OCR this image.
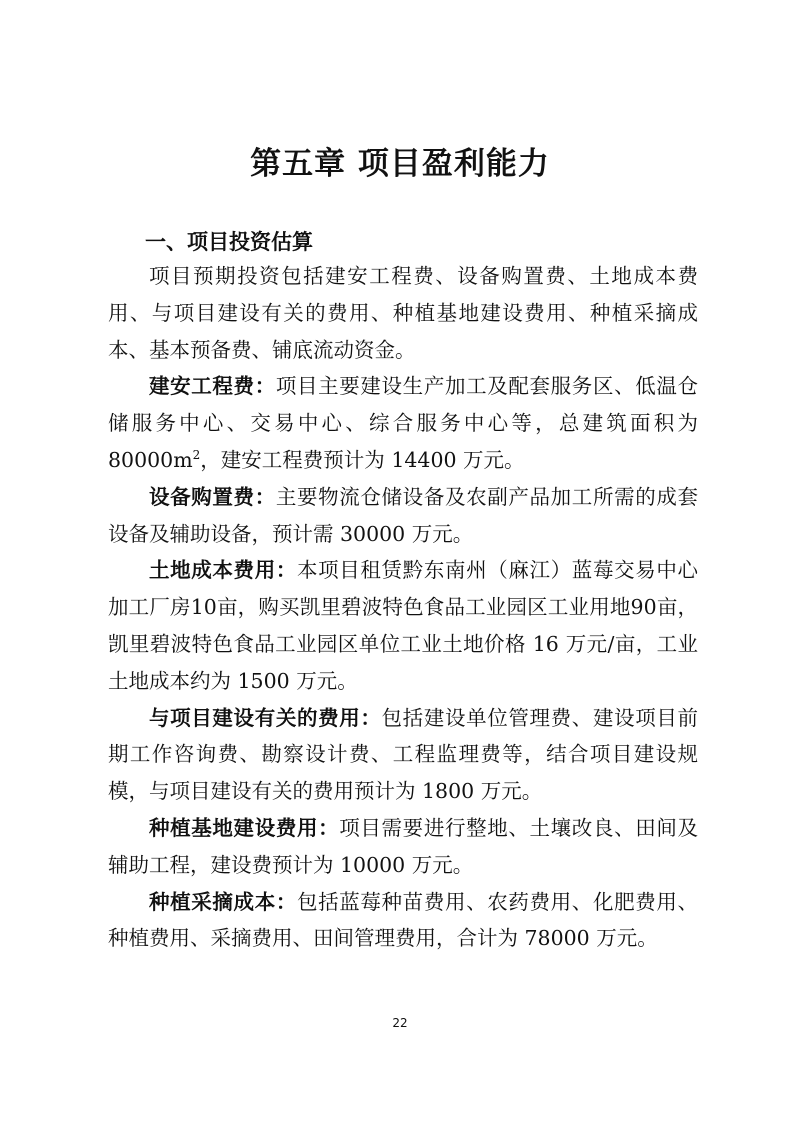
第五章 项目盈利能力
一、项目投资估算

项目预期投资包括建安工程费、设备购置费、土地成本费用、与项目建设有关的费用、种植基地建设费用、种植采摘成本、基本预备费、铺底流动资金。

建安工程费：项目主要建设生产加工及配套服务区、低温仓储服务中心、交易中心、综合服务中心等，总建筑面积为 $80000m^2$，建安工程费预计为 14400 万元。

设备购置费：主要物流仓储设备及农副产品加工所需的成套设备及辅助设备，预计需 30000 万元。

土地成本费用：本项目租赁黔东南州（麻江）蓝莓交易中心加工厂房10亩，购买凯里碧波特色食品工业园区工业用地90亩，凯里碧波特色食品工业园区单位工业土地价格 16 万元/亩，工业土地成本约为 1500 万元。

与项目建设有关的费用：包括建设单位管理费、建设项目前期工作咨询费、勘察设计费、工程监理费等，结合项目建设规模，与项目建设有关的费用预计为 1800 万元。

种植基地建设费用：项目需要进行整地、土壤改良、田间及辅助工程，建设费预计为 10000 万元。

种植采摘成本：包括蓝莓种苗费用、农药费用、化肥费用、种植费用、采摘费用、田间管理费用，合计为 78000 万元。

22
